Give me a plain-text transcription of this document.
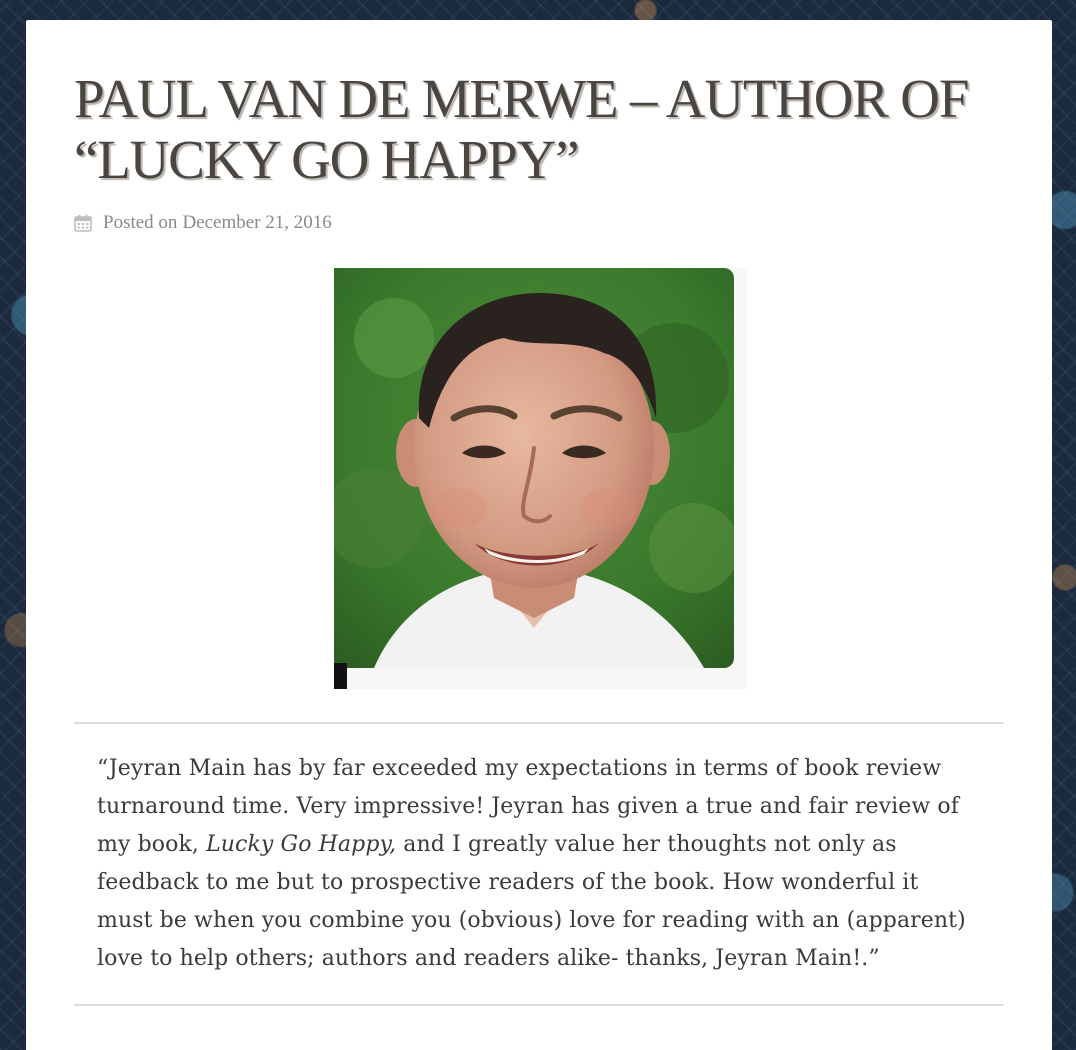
PAUL VAN DE MERWE – AUTHOR OF “LUCKY GO HAPPY”
Posted on December 21, 2016
“Jeyran Main has by far exceeded my expectations in terms of book review turnaround time. Very impressive! Jeyran has given a true and fair review of my book, Lucky Go Happy, and I greatly value her thoughts not only as feedback to me but to prospective readers of the book. How wonderful it must be when you combine you (obvious) love for reading with an (apparent) love to help others; authors and readers alike- thanks, Jeyran Main!.”
